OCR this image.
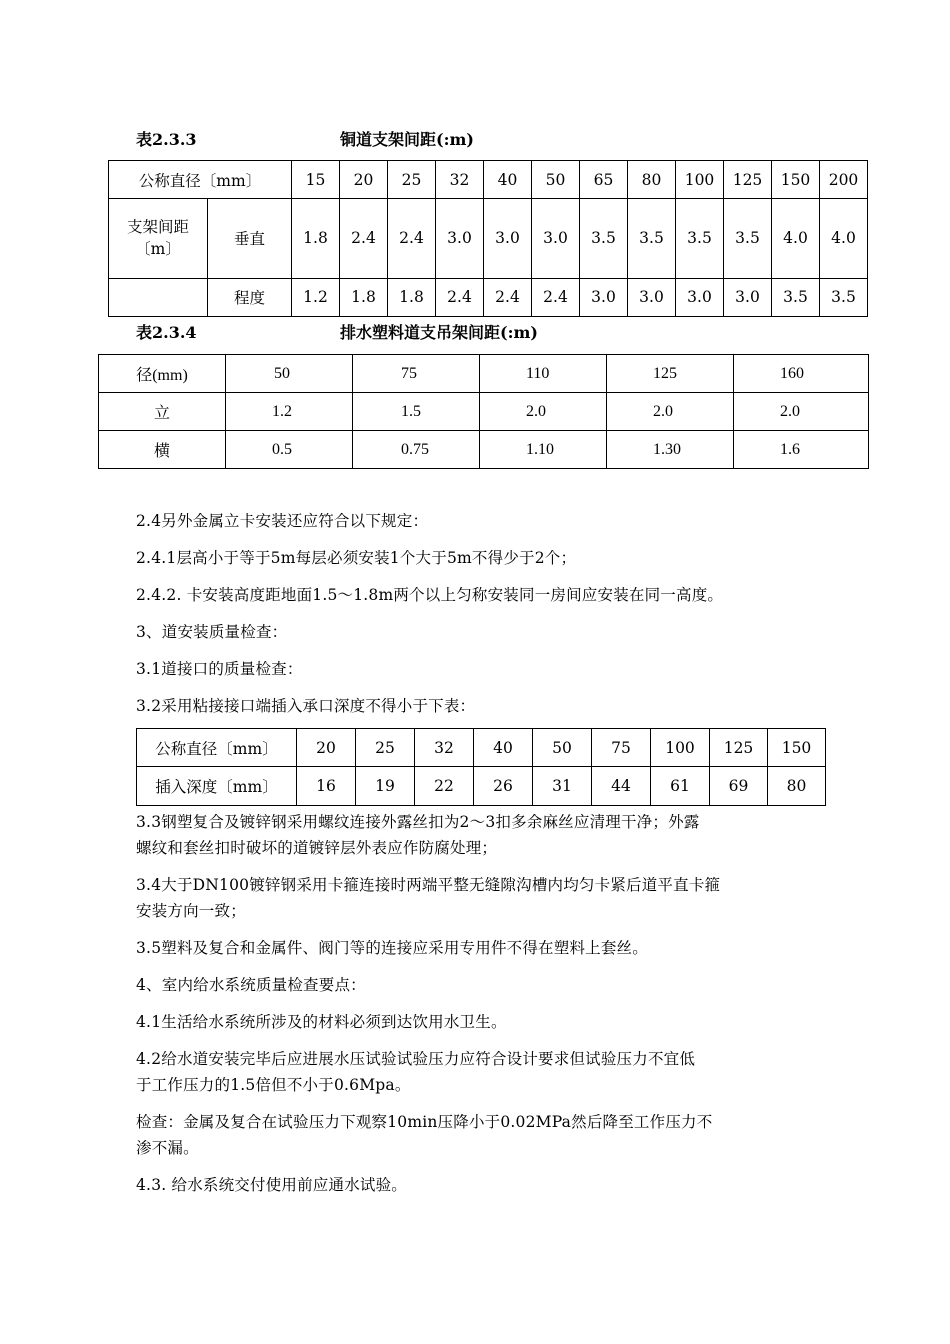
表2.3.3	铜道支架间距(:m)
公称直径〔mm〕		15	20	25	32	40	50	65	80	100	125	150	200
支架间距〔m〕	垂直	1.8	2.4	2.4	3.0	3.0	3.0	3.5	3.5	3.5	3.5	4.0	4.0
	程度	1.2	1.8	1.8	2.4	2.4	2.4	3.0	3.0	3.0	3.0	3.5	3.5
表2.3.4	排水塑料道支吊架间距(:m)
径(mm)	50	75	110	125	160
立	1.2	1.5	2.0	2.0	2.0
横	0.5	0.75	1.10	1.30	1.6
2.4另外金属立卡安装还应符合以下规定：
2.4.1层高小于等于5m每层必须安装1个大于5m不得少于2个；
2.4.2. 卡安装高度距地面1.5～1.8m两个以上匀称安装同一房间应安装在同一高度。
3、道安装质量检查：
3.1道接口的质量检查：
3.2采用粘接接口端插入承口深度不得小于下表：
公称直径〔mm〕	20	25	32	40	50	75	100	125	150
插入深度〔mm〕	16	19	22	26	31	44	61	69	80
3.3钢塑复合及镀锌钢采用螺纹连接外露丝扣为2～3扣多余麻丝应清理干净；外露
螺纹和套丝扣时破坏的道镀锌层外表应作防腐处理；
3.4大于DN100镀锌钢采用卡箍连接时两端平整无缝隙沟槽内均匀卡紧后道平直卡箍
安装方向一致；
3.5塑料及复合和金属件、阀门等的连接应采用专用件不得在塑料上套丝。
4、室内给水系统质量检查要点：
4.1生活给水系统所涉及的材料必须到达饮用水卫生。
4.2给水道安装完毕后应进展水压试验试验压力应符合设计要求但试验压力不宜低
于工作压力的1.5倍但不小于0.6Mpa。
检查：金属及复合在试验压力下观察10min压降小于0.02MPa然后降至工作压力不
渗不漏。
4.3. 给水系统交付使用前应通水试验。
